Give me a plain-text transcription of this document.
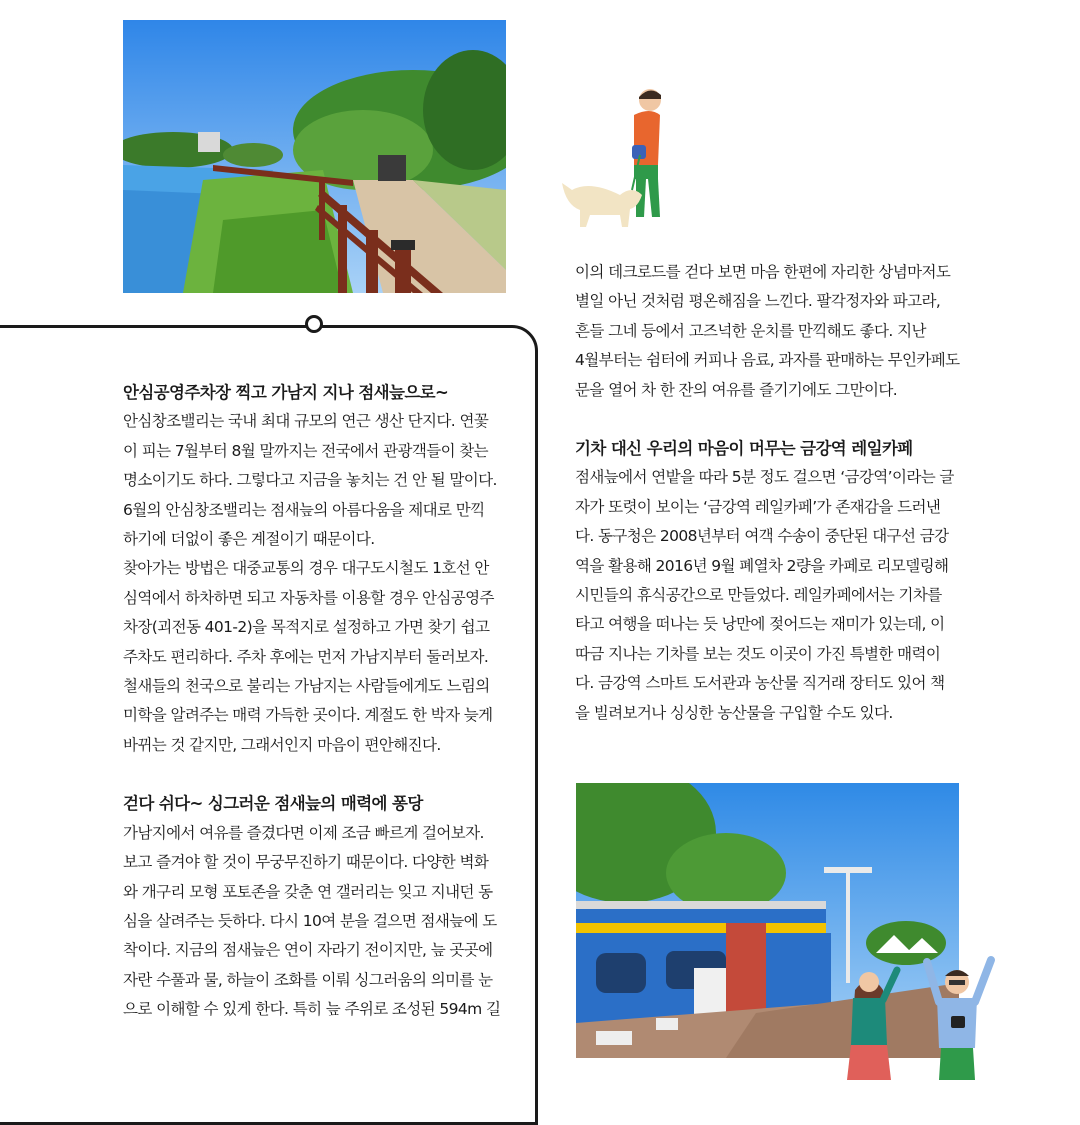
안심공영주차장 찍고 가남지 지나 점새늪으로~

안심창조밸리는 국내 최대 규모의 연근 생산 단지다. 연꽃

이 피는 7월부터 8월 말까지는 전국에서 관광객들이 찾는

명소이기도 하다. 그렇다고 지금을 놓치는 건 안 될 말이다.

6월의 안심창조밸리는 점새늪의 아름다움을 제대로 만끽

하기에 더없이 좋은 계절이기 때문이다.

찾아가는 방법은 대중교통의 경우 대구도시철도 1호선 안

심역에서 하차하면 되고 자동차를 이용할 경우 안심공영주

차장(괴전동 401-2)을 목적지로 설정하고 가면 찾기 쉽고

주차도 편리하다. 주차 후에는 먼저 가남지부터 둘러보자.

철새들의 천국으로 불리는 가남지는 사람들에게도 느림의

미학을 알려주는 매력 가득한 곳이다. 계절도 한 박자 늦게

바뀌는 것 같지만, 그래서인지 마음이 편안해진다.

걷다 쉬다~ 싱그러운 점새늪의 매력에 퐁당

가남지에서 여유를 즐겼다면 이제 조금 빠르게 걸어보자.

보고 즐겨야 할 것이 무궁무진하기 때문이다. 다양한 벽화

와 개구리 모형 포토존을 갖춘 연 갤러리는 잊고 지내던 동

심을 살려주는 듯하다. 다시 10여 분을 걸으면 점새늪에 도

착이다. 지금의 점새늪은 연이 자라기 전이지만, 늪 곳곳에

자란 수풀과 물, 하늘이 조화를 이뤄 싱그러움의 의미를 눈

으로 이해할 수 있게 한다. 특히 늪 주위로 조성된 594m 길

이의 데크로드를 걷다 보면 마음 한편에 자리한 상념마저도

별일 아닌 것처럼 평온해짐을 느낀다. 팔각정자와 파고라,

흔들 그네 등에서 고즈넉한 운치를 만끽해도 좋다. 지난

4월부터는 쉼터에 커피나 음료, 과자를 판매하는 무인카페도

문을 열어 차 한 잔의 여유를 즐기기에도 그만이다.

기차 대신 우리의 마음이 머무는 금강역 레일카페

점새늪에서 연밭을 따라 5분 정도 걸으면 ‘금강역’이라는 글

자가 또렷이 보이는 ‘금강역 레일카페’가 존재감을 드러낸

다. 동구청은 2008년부터 여객 수송이 중단된 대구선 금강

역을 활용해 2016년 9월 폐열차 2량을 카페로 리모델링해

시민들의 휴식공간으로 만들었다. 레일카페에서는 기차를

타고 여행을 떠나는 듯 낭만에 젖어드는 재미가 있는데, 이

따금 지나는 기차를 보는 것도 이곳이 가진 특별한 매력이

다. 금강역 스마트 도서관과 농산물 직거래 장터도 있어 책

을 빌려보거나 싱싱한 농산물을 구입할 수도 있다.
